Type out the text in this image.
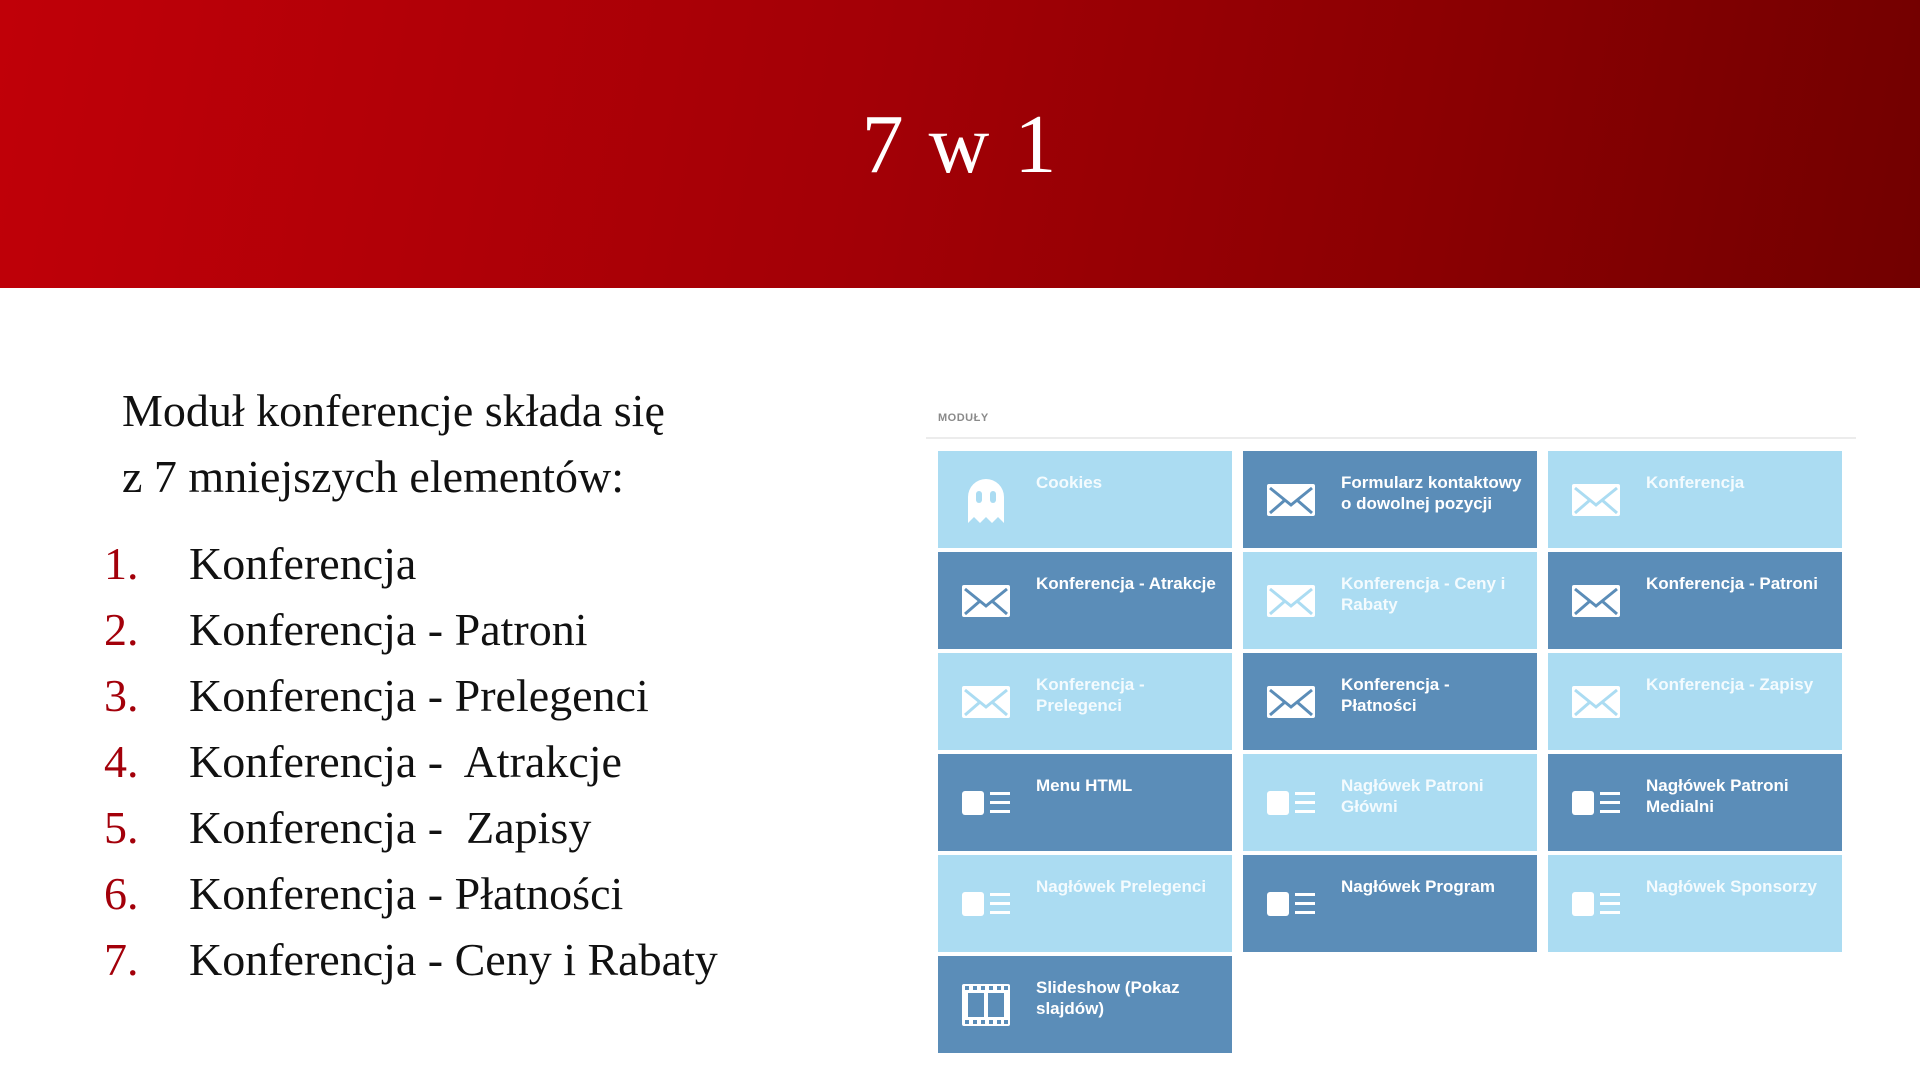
7 w 1
Moduł konferencje składa się
z 7 mniejszych elementów:
1.	Konferencja
2.	Konferencja - Patroni
3.	Konferencja - Prelegenci
4.	Konferencja -  Atrakcje
5.	Konferencja -  Zapisy
6.	Konferencja - Płatności
7.	Konferencja - Ceny i Rabaty
MODUŁY
Cookies	Formularz kontaktowy o dowolnej pozycji
Konferencja
Konferencja - Atrakcje	Konferencja - Ceny i Rabaty
Konferencja - Patroni
Konferencja - Prelegenci
Konferencja - Płatności
Konferencja - Zapisy
Menu HTML	Nagłówek Patroni Główni
Nagłówek Patroni Medialni
Nagłówek Prelegenci	Nagłówek Program	Nagłówek Sponsorzy
Slideshow (Pokaz slajdów)
